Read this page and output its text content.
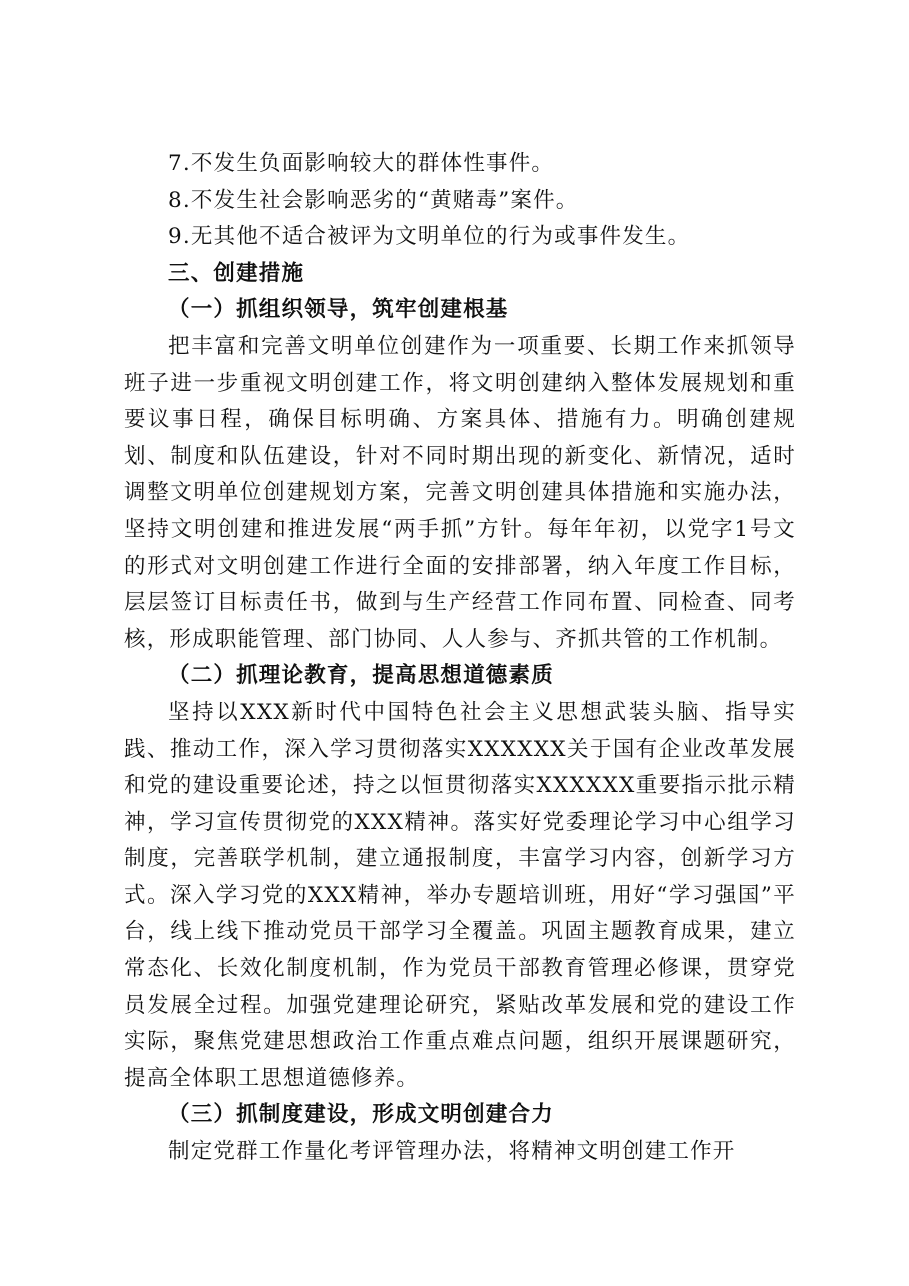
7.不发生负面影响较大的群体性事件。

8.不发生社会影响恶劣的“黄赌毒”案件。

9.无其他不适合被评为文明单位的行为或事件发生。

三、创建措施

（一）抓组织领导，筑牢创建根基

把丰富和完善文明单位创建作为一项重要、长期工作来抓领导班子进一步重视文明创建工作，将文明创建纳入整体发展规划和重要议事日程，确保目标明确、方案具体、措施有力。明确创建规划、制度和队伍建设，针对不同时期出现的新变化、新情况，适时调整文明单位创建规划方案，完善文明创建具体措施和实施办法，坚持文明创建和推进发展“两手抓”方针。每年年初，以党字1号文的形式对文明创建工作进行全面的安排部署，纳入年度工作目标，层层签订目标责任书，做到与生产经营工作同布置、同检查、同考核，形成职能管理、部门协同、人人参与、齐抓共管的工作机制。

（二）抓理论教育，提高思想道德素质

坚持以XXX新时代中国特色社会主义思想武装头脑、指导实践、推动工作，深入学习贯彻落实XXXXXX关于国有企业改革发展和党的建设重要论述，持之以恒贯彻落实XXXXXX重要指示批示精神，学习宣传贯彻党的XXX精神。落实好党委理论学习中心组学习制度，完善联学机制，建立通报制度，丰富学习内容，创新学习方式。深入学习党的XXX精神，举办专题培训班，用好“学习强国”平台，线上线下推动党员干部学习全覆盖。巩固主题教育成果，建立常态化、长效化制度机制，作为党员干部教育管理必修课，贯穿党员发展全过程。加强党建理论研究，紧贴改革发展和党的建设工作实际，聚焦党建思想政治工作重点难点问题，组织开展课题研究，提高全体职工思想道德修养。

（三）抓制度建设，形成文明创建合力

制定党群工作量化考评管理办法，将精神文明创建工作开
